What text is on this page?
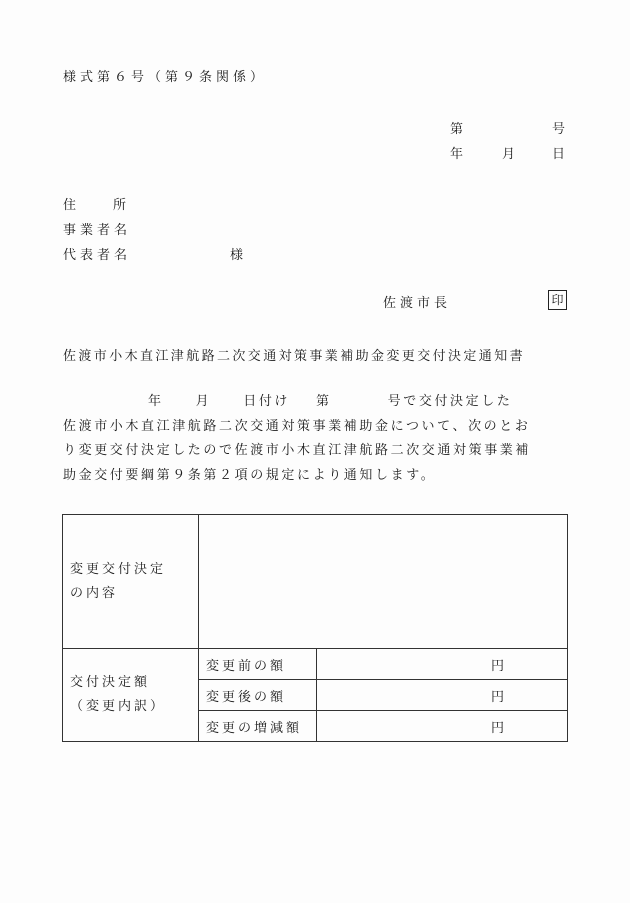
様式第６号（第９条関係）
第	号
年	月	日
住	所
事業者名
代表者名	様
佐渡市長	印
佐渡市小木直江津航路二次交通対策事業補助金変更交付決定通知書
年 月 日付け 第	号で交付決定した
佐渡市小木直江津航路二次交通対策事業補助金について、次のとお
り変更交付決定したので佐渡市小木直江津航路二次交通対策事業補
助金交付要綱第９条第２項の規定により通知します。
変更交付決定
の内容		

交付決定額
（変更内訳）	変更前の額	円
	変更後の額	円
	変更の増減額	円
